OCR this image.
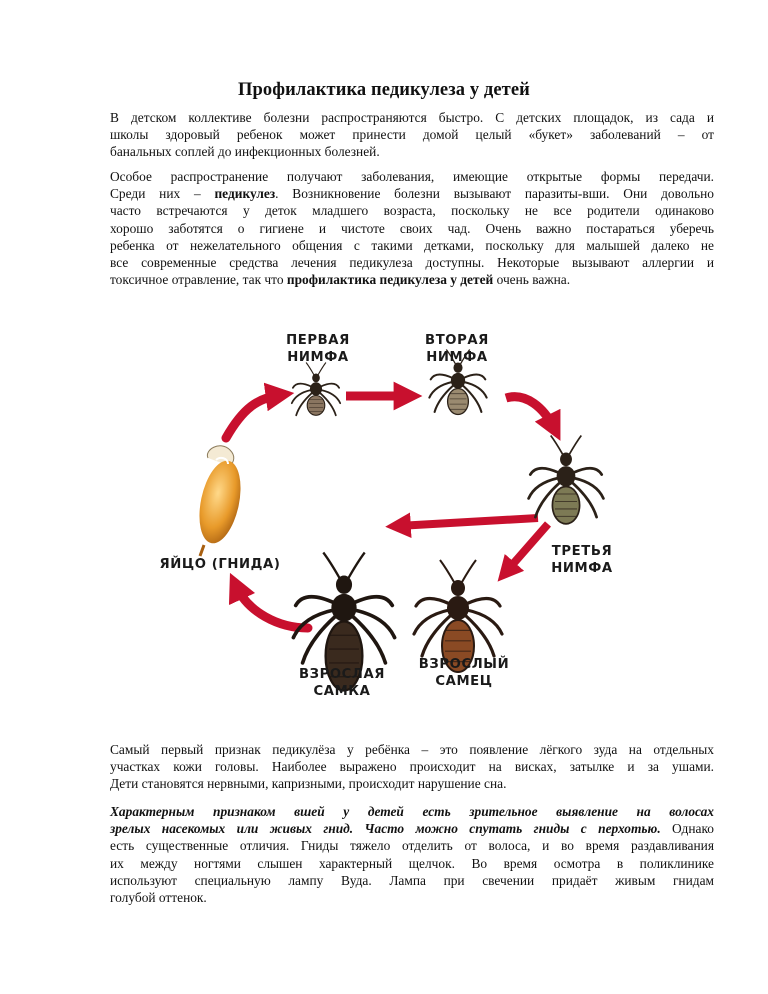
Профилактика педикулеза у детей
В детском коллективе болезни распространяются быстро. С детских площадок, из сада и
школы здоровый ребенок может принести домой целый «букет» заболеваний – от
банальных соплей до инфекционных болезней.
Особое распространение получают заболевания, имеющие открытые формы передачи.
Среди них – педикулез. Возникновение болезни вызывают паразиты-вши. Они довольно
часто встречаются у деток младшего возраста, поскольку не все родители одинаково
хорошо заботятся о гигиене и чистоте своих чад. Очень важно постараться уберечь
ребенка от нежелательного общения с такими детками, поскольку для малышей далеко не
все современные средства лечения педикулеза доступны. Некоторые вызывают аллергии и
токсичное отравление, так что профилактика педикулеза у детей очень важна.
ПЕРВАЯ
НИМФА
ВТОРАЯ
НИМФА
ТРЕТЬЯ
НИМФА
ЯЙЦО (ГНИДА)
ВЗРОСЛАЯ
САМКА
ВЗРОСЛЫЙ
САМЕЦ
Самый первый признак педикулёза у ребёнка – это появление лёгкого зуда на отдельных
участках кожи головы. Наиболее выражено происходит на висках, затылке и за ушами.
Дети становятся нервными, капризными, происходит нарушение сна.
Характерным признаком вшей у детей есть зрительное выявление на волосах
зрелых насекомых или живых гнид. Часто можно спутать гниды с перхотью. Однако
есть существенные отличия. Гниды тяжело отделить от волоса, и во время раздавливания
их между ногтями слышен характерный щелчок. Во время осмотра в поликлинике
используют специальную лампу Вуда. Лампа при свечении придаёт живым гнидам
голубой оттенок.
